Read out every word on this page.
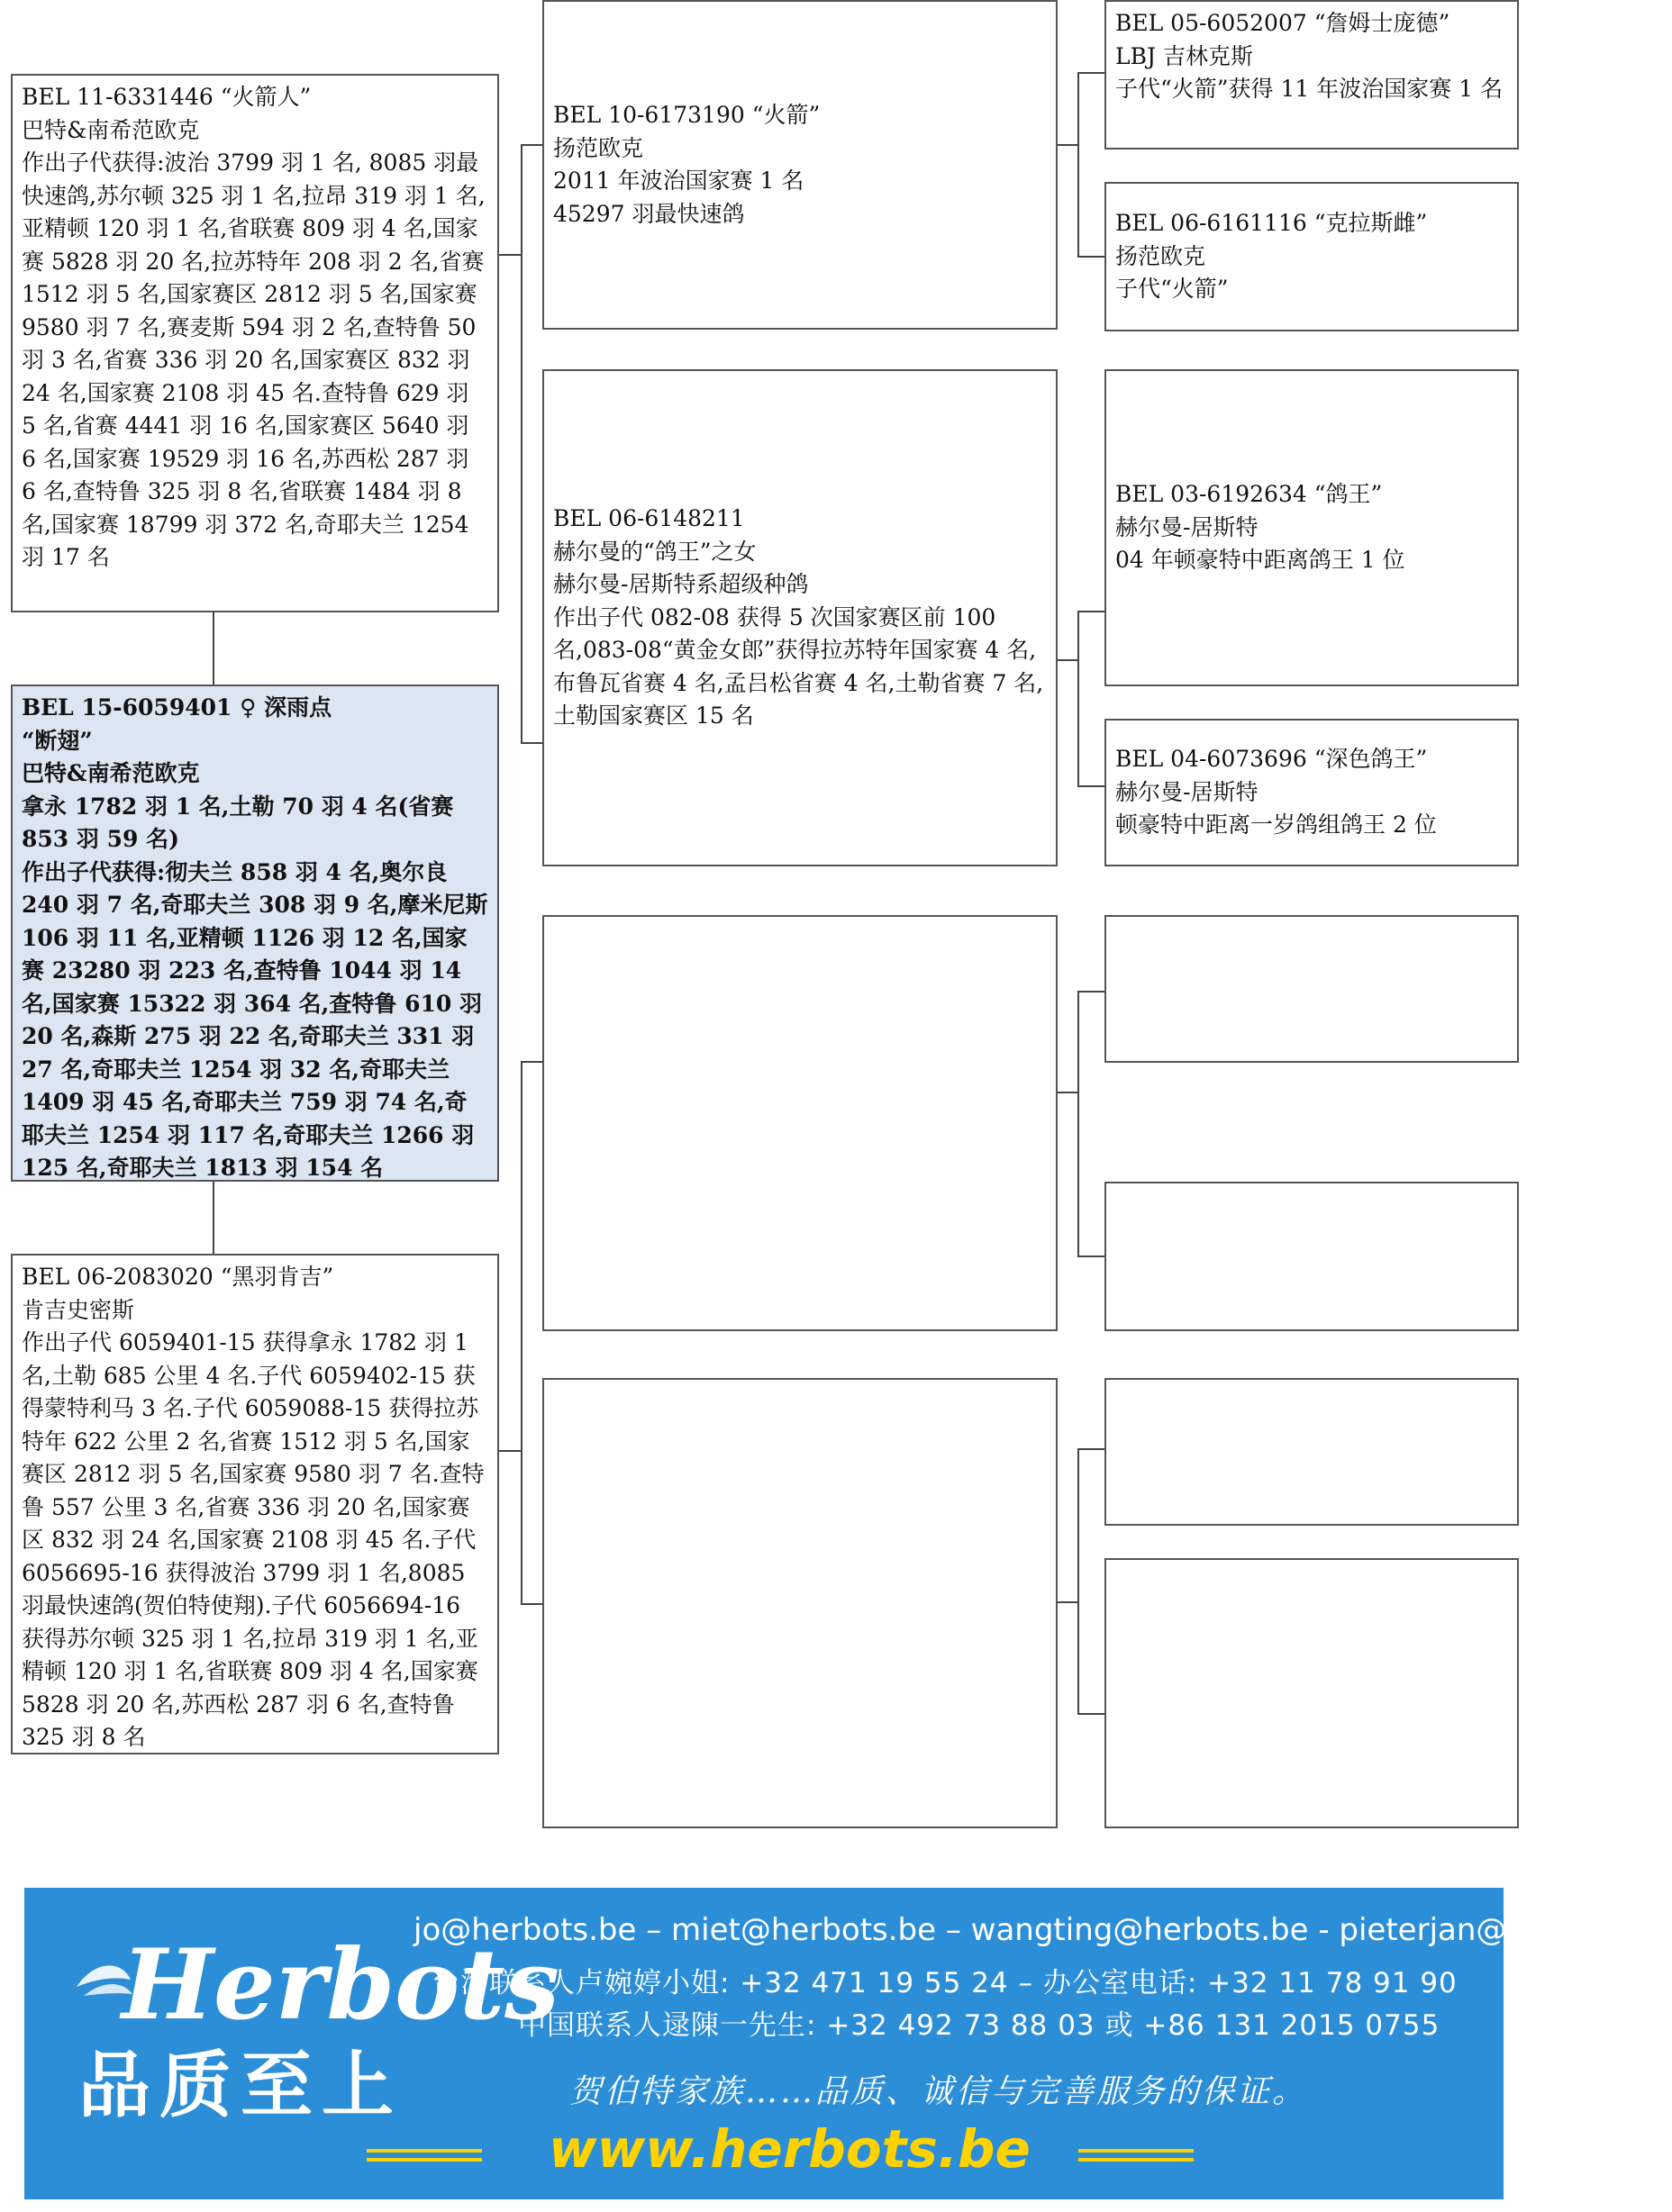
BEL 11-6331446 “火箭人”
巴特&南希范欧克
作出子代获得:波治 3799 羽 1 名, 8085 羽最快速鸽,苏尔顿 325 羽 1 名,拉昂 319 羽 1 名,亚精顿 120 羽 1 名,省联赛 809 羽 4 名,国家赛 5828 羽 20 名,拉苏特年 208 羽 2 名,省赛 1512 羽 5 名,国家赛区 2812 羽 5 名,国家赛 9580 羽 7 名,赛麦斯 594 羽 2 名,查特鲁 50 羽 3 名,省赛 336 羽 20 名,国家赛区 832 羽 24 名,国家赛 2108 羽 45 名.查特鲁 629 羽 5 名,省赛 4441 羽 16 名,国家赛区 5640 羽 6 名,国家赛 19529 羽 16 名,苏西松 287 羽 6 名,查特鲁 325 羽 8 名,省联赛 1484 羽 8 名,国家赛 18799 羽 372 名,奇耶夫兰 1254 羽 17 名
BEL 15-6059401 ♀ 深雨点
“断翅”
巴特&南希范欧克
拿永 1782 羽 1 名,土勒 70 羽 4 名(省赛 853 羽 59 名)
作出子代获得:彻夫兰 858 羽 4 名,奥尔良 240 羽 7 名,奇耶夫兰 308 羽 9 名,摩米尼斯 106 羽 11 名,亚精顿 1126 羽 12 名,国家赛 23280 羽 223 名,查特鲁 1044 羽 14 名,国家赛 15322 羽 364 名,查特鲁 610 羽 20 名,森斯 275 羽 22 名,奇耶夫兰 331 羽 27 名,奇耶夫兰 1254 羽 32 名,奇耶夫兰 1409 羽 45 名,奇耶夫兰 759 羽 74 名,奇耶夫兰 1254 羽 117 名,奇耶夫兰 1266 羽 125 名,奇耶夫兰 1813 羽 154 名
BEL 06-2083020 “黑羽肯吉”
肯吉史密斯
作出子代 6059401-15 获得拿永 1782 羽 1 名,土勒 685 公里 4 名.子代 6059402-15 获得蒙特利马 3 名.子代 6059088-15 获得拉苏特年 622 公里 2 名,省赛 1512 羽 5 名,国家赛区 2812 羽 5 名,国家赛 9580 羽 7 名.查特鲁 557 公里 3 名,省赛 336 羽 20 名,国家赛区 832 羽 24 名,国家赛 2108 羽 45 名.子代 6056695-16 获得波治 3799 羽 1 名,8085 羽最快速鸽(贺伯特使翔).子代 6056694-16 获得苏尔顿 325 羽 1 名,拉昂 319 羽 1 名,亚精顿 120 羽 1 名,省联赛 809 羽 4 名,国家赛 5828 羽 20 名,苏西松 287 羽 6 名,查特鲁 325 羽 8 名
BEL 10-6173190 “火箭”
扬范欧克
2011 年波治国家赛 1 名
45297 羽最快速鸽
BEL 06-6148211
赫尔曼的“鸽王”之女
赫尔曼-居斯特系超级种鸽
作出子代 082-08 获得 5 次国家赛区前 100 名,083-08“黄金女郎”获得拉苏特年国家赛 4 名,布鲁瓦省赛 4 名,孟吕松省赛 4 名,土勒省赛 7 名,土勒国家赛区 15 名
BEL 05-6052007 “詹姆士庞德”
LBJ 吉林克斯
子代“火箭”获得 11 年波治国家赛 1 名
BEL 06-6161116 “克拉斯雌”
扬范欧克
子代“火箭”
BEL 03-6192634 “鸽王”
赫尔曼-居斯特
04 年顿豪特中距离鸽王 1 位
BEL 04-6073696 “深色鸽王”
赫尔曼-居斯特
顿豪特中距离一岁鸽组鸽王 2 位
Herbots
品质至上
jo@herbots.be – miet@herbots.be – wangting@herbots.be - pieterjan@herbots.be
台湾联系人卢婉婷小姐: +32 471 19 55 24 – 办公室电话: +32 11 78 91 90
中国联系人逯陳一先生: +32 492 73 88 03 或 +86 131 2015 0755
贺伯特家族……品质、诚信与完善服务的保证。
www.herbots.be
